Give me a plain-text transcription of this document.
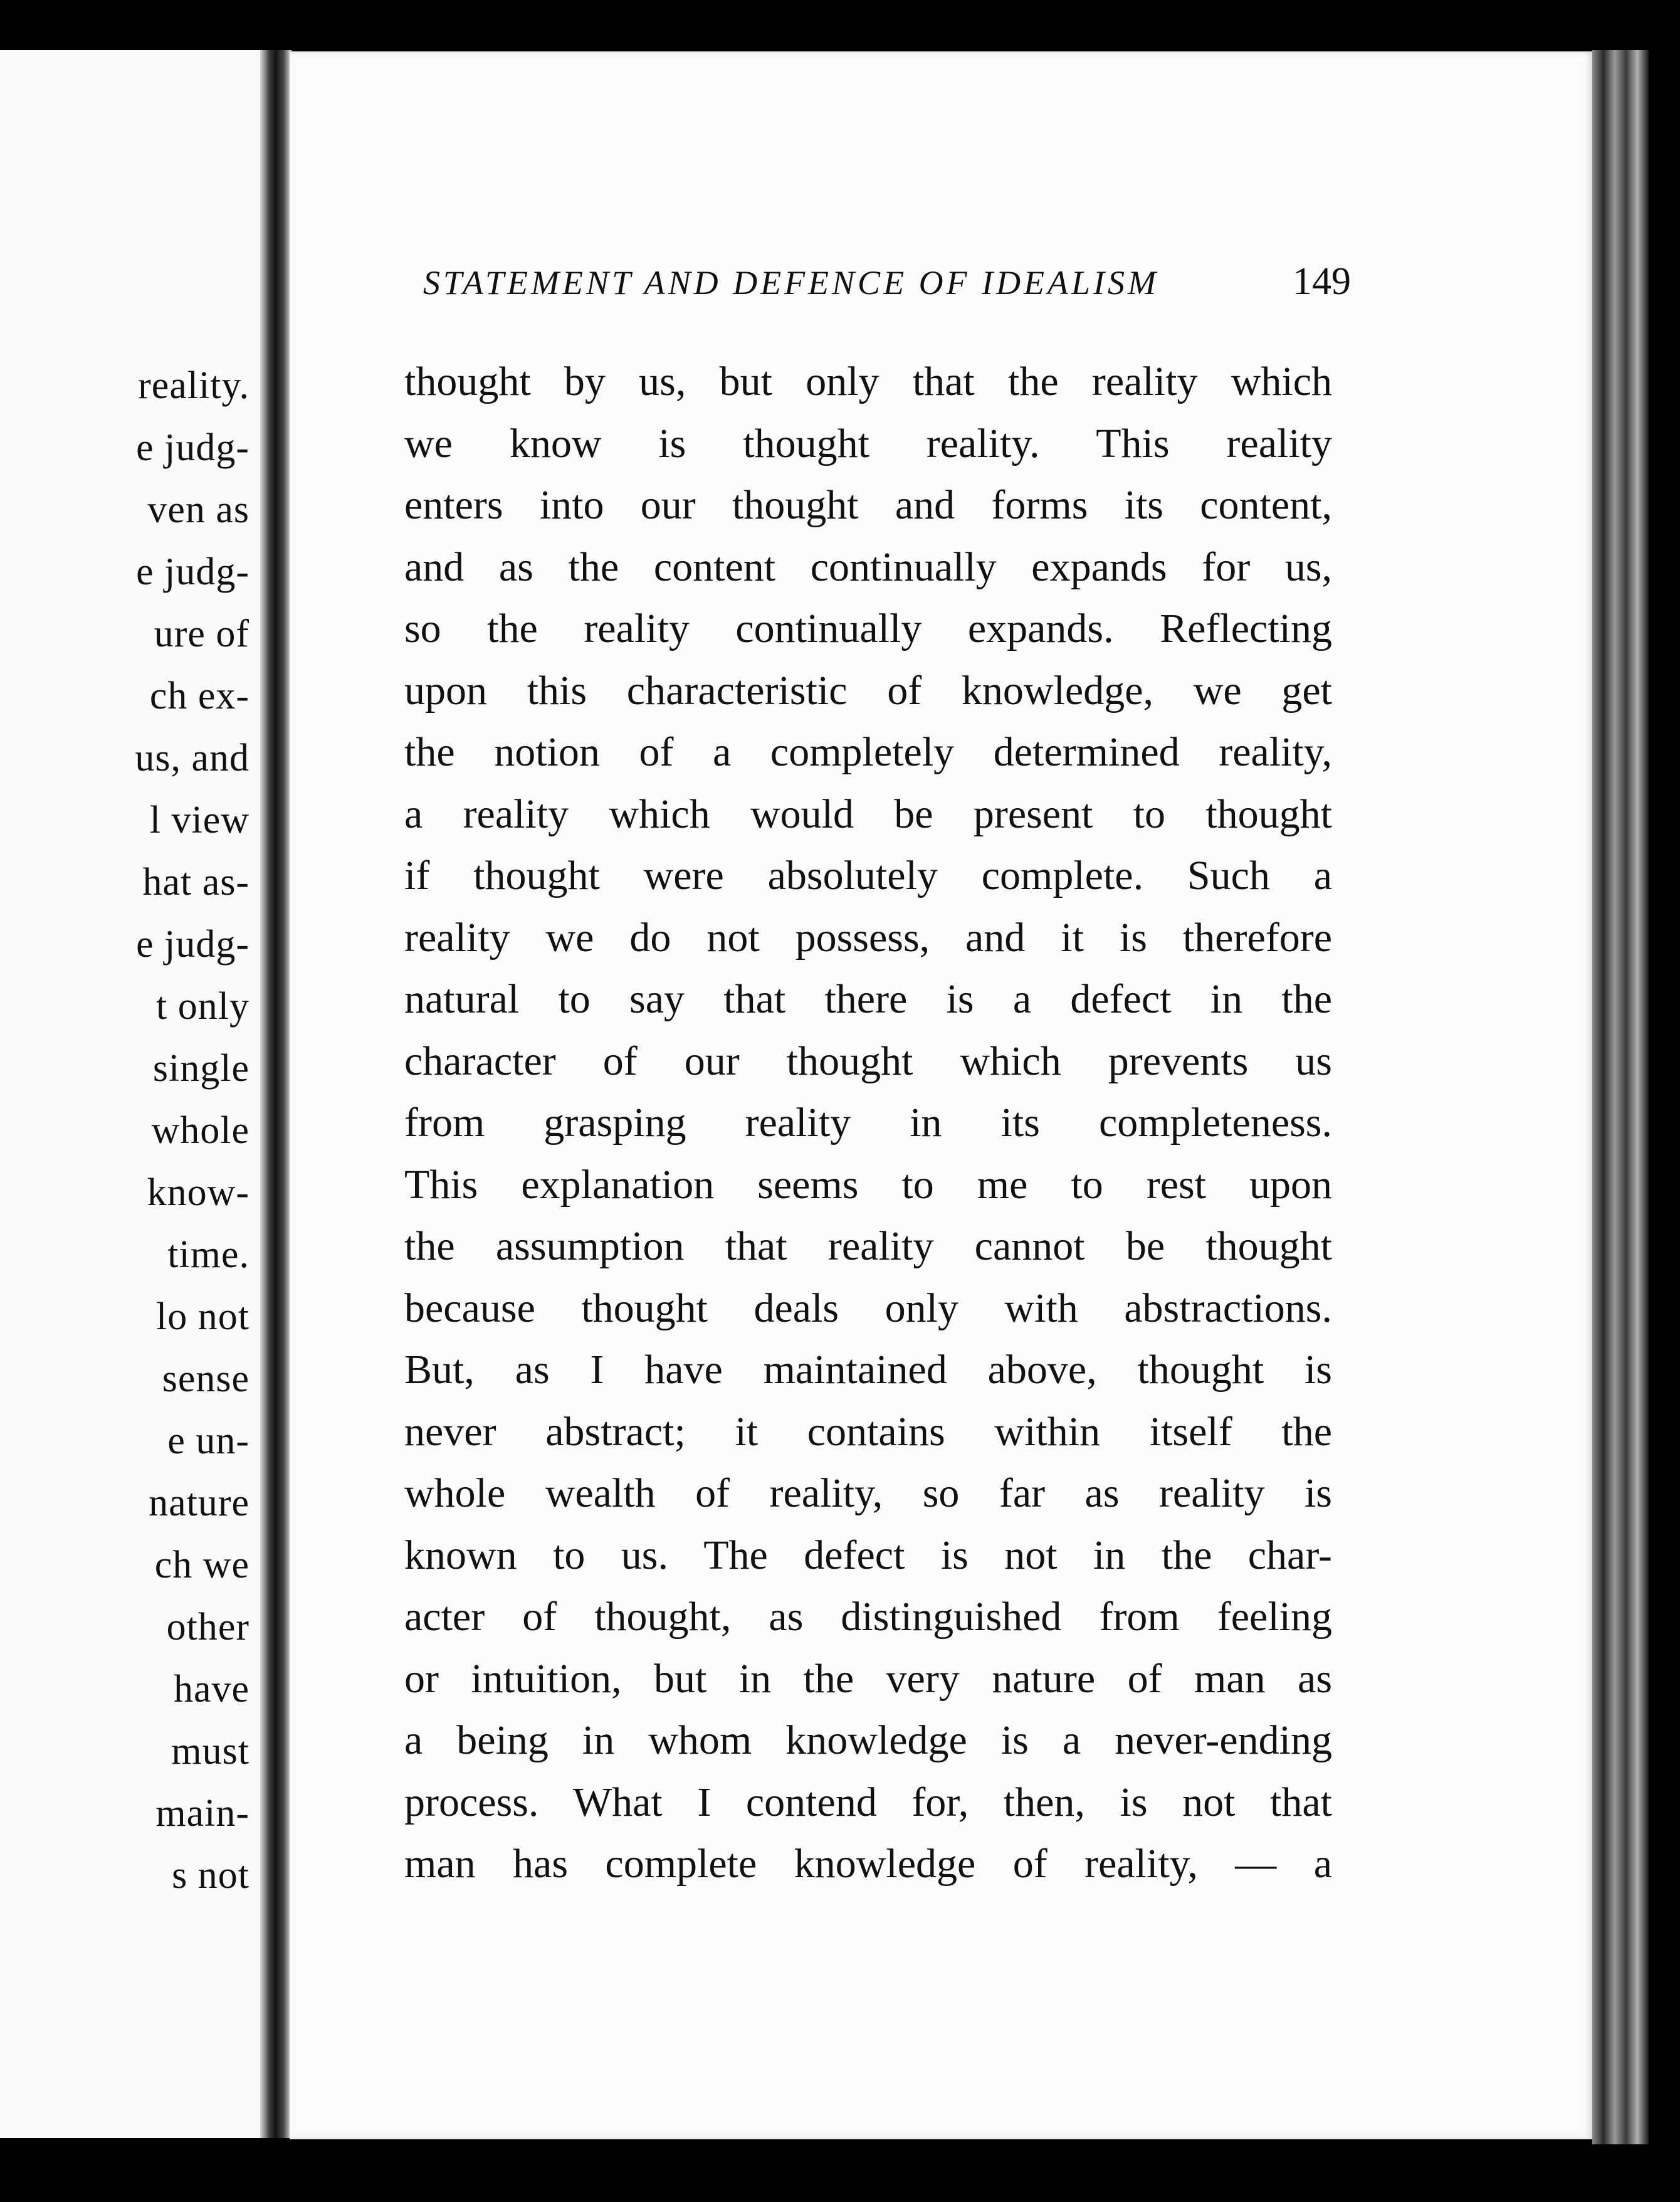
reality.
e judg-
ven as
e judg-
ure of
ch ex-
us, and
l view
hat as-
e judg-
t only
single
whole
know-
time.
lo not
sense
e un-
nature
ch we
other
have
must
main-
s not
STATEMENT AND DEFENCE OF IDEALISM	149
thought by us, but only that the reality which
we know is thought reality. This reality
enters into our thought and forms its content,
and as the content continually expands for us,
so the reality continually expands. Reflecting
upon this characteristic of knowledge, we get
the notion of a completely determined reality,
a reality which would be present to thought
if thought were absolutely complete. Such a
reality we do not possess, and it is therefore
natural to say that there is a defect in the
character of our thought which prevents us
from grasping reality in its completeness.
This explanation seems to me to rest upon
the assumption that reality cannot be thought
because thought deals only with abstractions.
But, as I have maintained above, thought is
never abstract; it contains within itself the
whole wealth of reality, so far as reality is
known to us. The defect is not in the char-
acter of thought, as distinguished from feeling
or intuition, but in the very nature of man as
a being in whom knowledge is a never-ending
process. What I contend for, then, is not that
man has complete knowledge of reality, — a
